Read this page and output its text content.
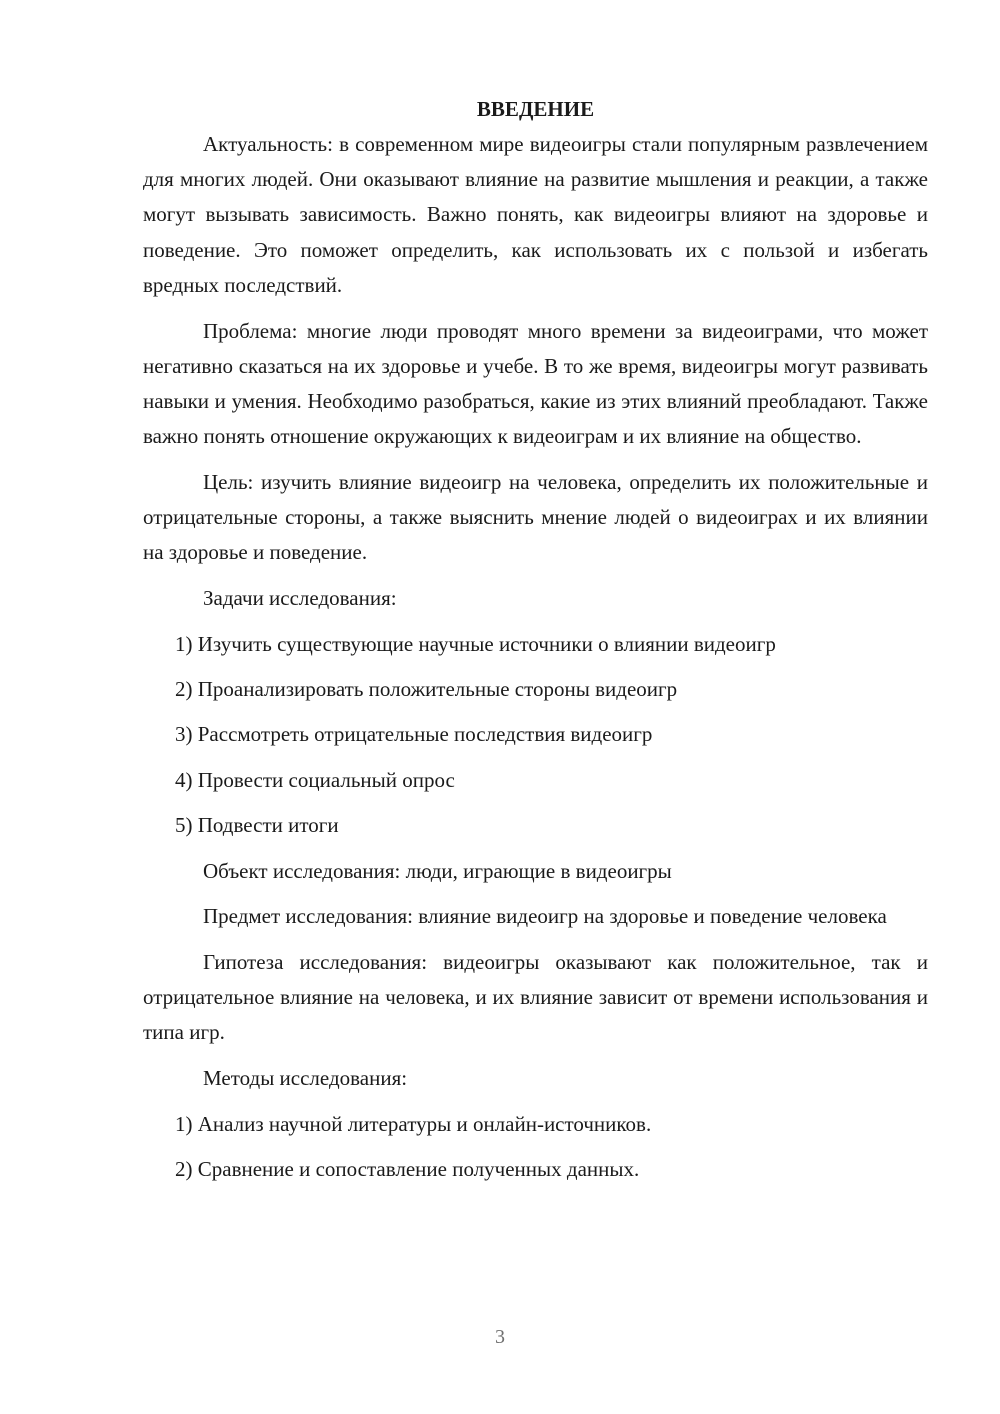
ВВЕДЕНИЕ

Актуальность: в современном мире видеоигры стали популярным развлечением для многих людей. Они оказывают влияние на развитие мышления и реакции, а также могут вызывать зависимость. Важно понять, как видеоигры влияют на здоровье и поведение. Это поможет определить, как использовать их с пользой и избегать вредных последствий.

Проблема: многие люди проводят много времени за видеоиграми, что может негативно сказаться на их здоровье и учебе. В то же время, видеоигры могут развивать навыки и умения. Необходимо разобраться, какие из этих влияний преобладают. Также важно понять отношение окружающих к видеоиграм и их влияние на общество.

Цель: изучить влияние видеоигр на человека, определить их положительные и отрицательные стороны, а также выяснить мнение людей о видеоиграх и их влиянии на здоровье и поведение.

Задачи исследования:

1) Изучить существующие научные источники о влиянии видеоигр
2) Проанализировать положительные стороны видеоигр
3) Рассмотреть отрицательные последствия видеоигр
4) Провести социальный опрос
5) Подвести итоги

Объект исследования: люди, играющие в видеоигры

Предмет исследования: влияние видеоигр на здоровье и поведение человека

Гипотеза исследования: видеоигры оказывают как положительное, так и отрицательное влияние на человека, и их влияние зависит от времени использования и типа игр.

Методы исследования:

1) Анализ научной литературы и онлайн-источников.
2) Сравнение и сопоставление полученных данных.
3
